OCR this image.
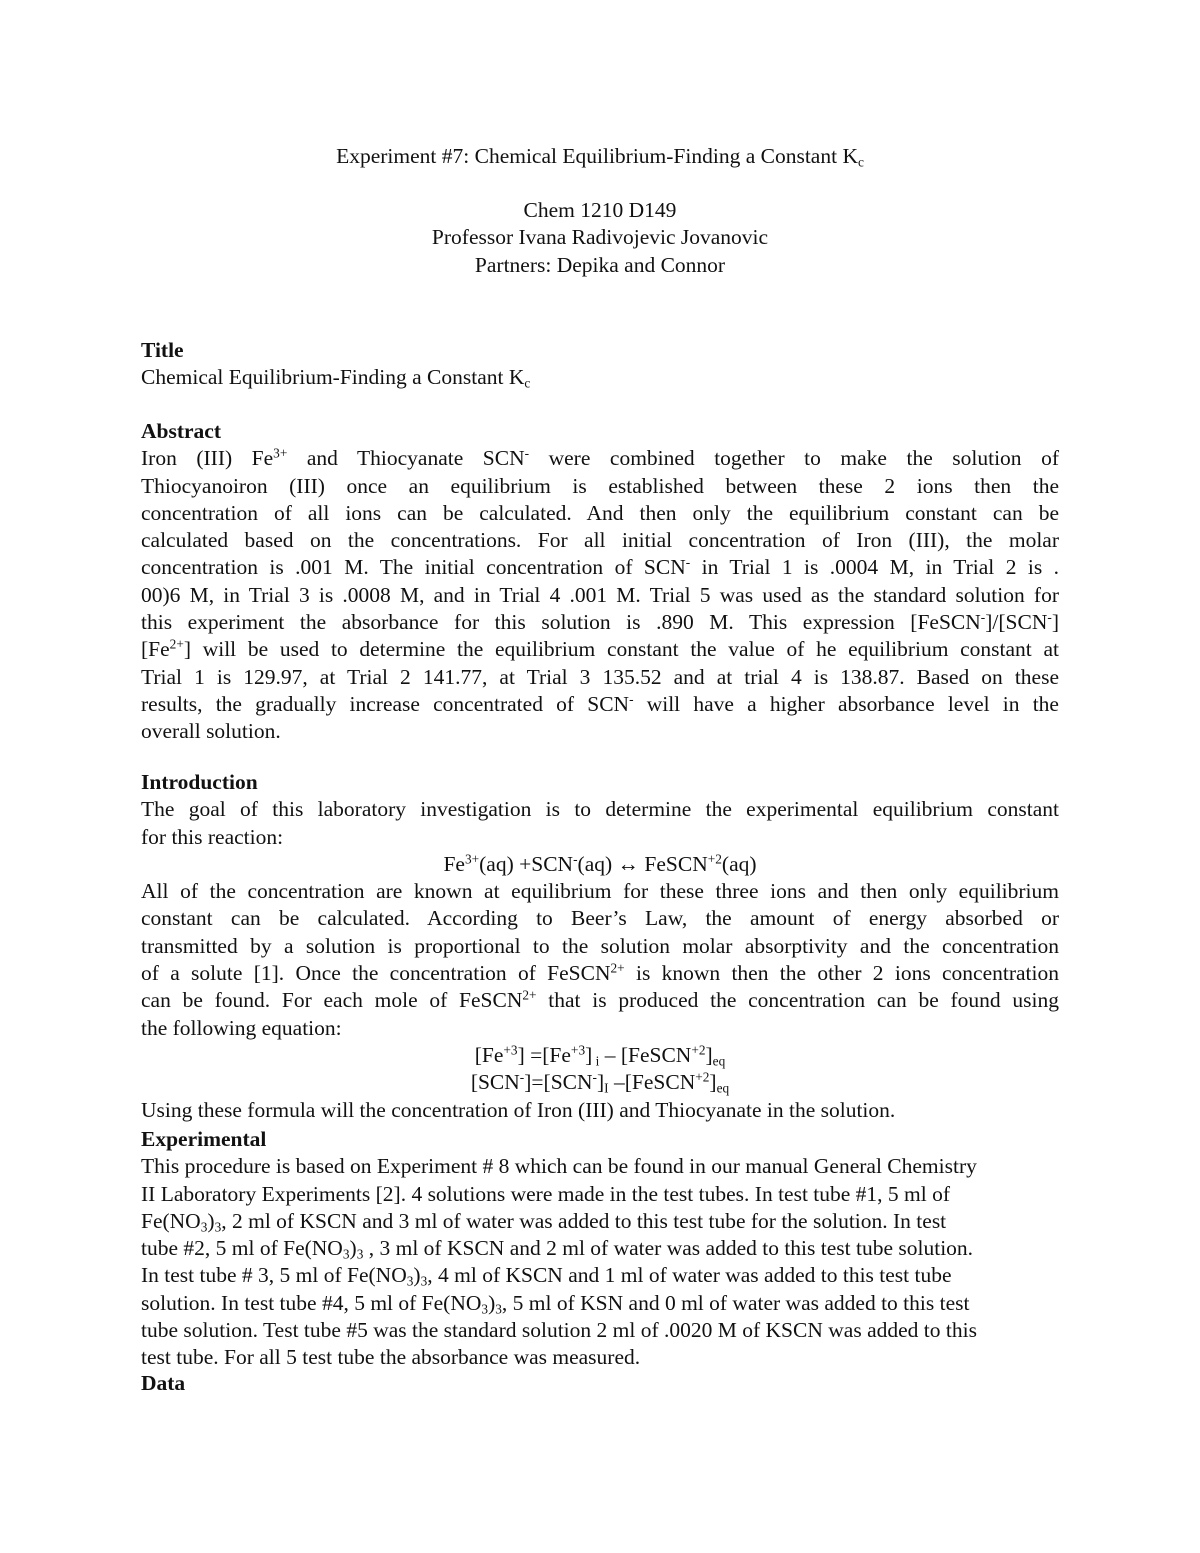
Experiment #7: Chemical Equilibrium-Finding a Constant $K_c$
Chem 1210 D149
Professor Ivana Radivojevic Jovanovic
Partners: Depika and Connor
Title
Chemical Equilibrium-Finding a Constant $K_c$
Abstract
Iron (III) $Fe^{3+}$ and Thiocyanate SCN- were combined together to make the solution of
Thiocyanoiron (III) once an equilibrium is established between these 2 ions then the
concentration of all ions can be calculated. And then only the equilibrium constant can be
calculated based on the concentrations. For all initial concentration of Iron (III), the molar
concentration is .001 M. The initial concentration of SCN- in Trial 1 is .0004 M, in Trial 2 is .
00)6 M, in Trial 3 is .0008 M, and in Trial 4 .001 M. Trial 5 was used as the standard solution for
this experiment the absorbance for this solution is .890 M. This expression [FeSCN-]/[SCN-]
$[Fe^{2+}]$ will be used to determine the equilibrium constant the value of he equilibrium constant at
Trial 1 is 129.97, at Trial 2 141.77, at Trial 3 135.52 and at trial 4 is 138.87. Based on these
results, the gradually increase concentrated of SCN- will have a higher absorbance level in the
overall solution.
Introduction
The goal of this laboratory investigation is to determine the experimental equilibrium constant
for this reaction:
$Fe^{3+}(aq) +SCN^-(aq)$ ↔ FeSCN$^{+2}$(aq)
All of the concentration are known at equilibrium for these three ions and then only equilibrium
constant can be calculated. According to Beer’s Law, the amount of energy absorbed or
transmitted by a solution is proportional to the solution molar absorptivity and the concentration
of a solute [1]. Once the concentration of FeSCN$^{2+}$ is known then the other 2 ions concentration
can be found. For each mole of FeSCN$^{2+}$ that is produced the concentration can be found using
the following equation:
$[Fe^{+3}] =[Fe^{+3}]$ $_i - [FeSCN^{+2}]_{eq}$
$[SCN^-]=[SCN^-]_I$ $-[FeSCN^{+2}]_{eq}$
Using these formula will the concentration of Iron (III) and Thiocyanate in the solution.
Experimental
This procedure is based on Experiment # 8 which can be found in our manual General Chemistry
II Laboratory Experiments [2]. 4 solutions were made in the test tubes. In test tube #1, 5 ml of
$Fe(NO_3)_3$, 2 ml of KSCN and 3 ml of water was added to this test tube for the solution. In test
tube #2, 5 ml of $Fe(NO_3)_3$ , 3 ml of KSCN and 2 ml of water was added to this test tube solution.
In test tube # 3, 5 ml of $Fe(NO_3)_3$, 4 ml of KSCN and 1 ml of water was added to this test tube
solution. In test tube #4, 5 ml of $Fe(NO_3)_3$, 5 ml of KSN and 0 ml of water was added to this test
tube solution. Test tube #5 was the standard solution 2 ml of .0020 M of KSCN was added to this
test tube. For all 5 test tube the absorbance was measured.
Data
